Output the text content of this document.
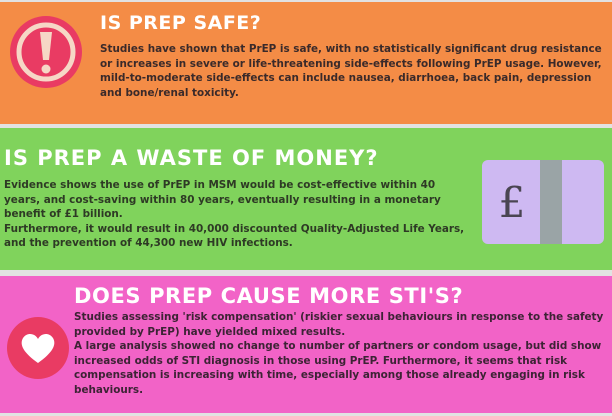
IS PREP SAFE?

Studies have shown that PrEP is safe, with no statistically significant drug resistance or increases in severe or life-threatening side-effects following PrEP usage. However, mild-to-moderate side-effects can include nausea, diarrhoea, back pain, depression and bone/renal toxicity.

IS PREP A WASTE OF MONEY?

Evidence shows the use of PrEP in MSM would be cost-effective within 40 years, and cost-saving within 80 years, eventually resulting in a monetary benefit of £1 billion.

Furthermore, it would result in 40,000 discounted Quality-Adjusted Life Years, and the prevention of 44,300 new HIV infections.

£
DOES PREP CAUSE MORE STI'S?

Studies assessing 'risk compensation' (riskier sexual behaviours in response to the safety provided by PrEP) have yielded mixed results.

A large analysis showed no change to number of partners or condom usage, but did show increased odds of STI diagnosis in those using PrEP. Furthermore, it seems that risk compensation is increasing with time, especially among those already engaging in risk behaviours.
